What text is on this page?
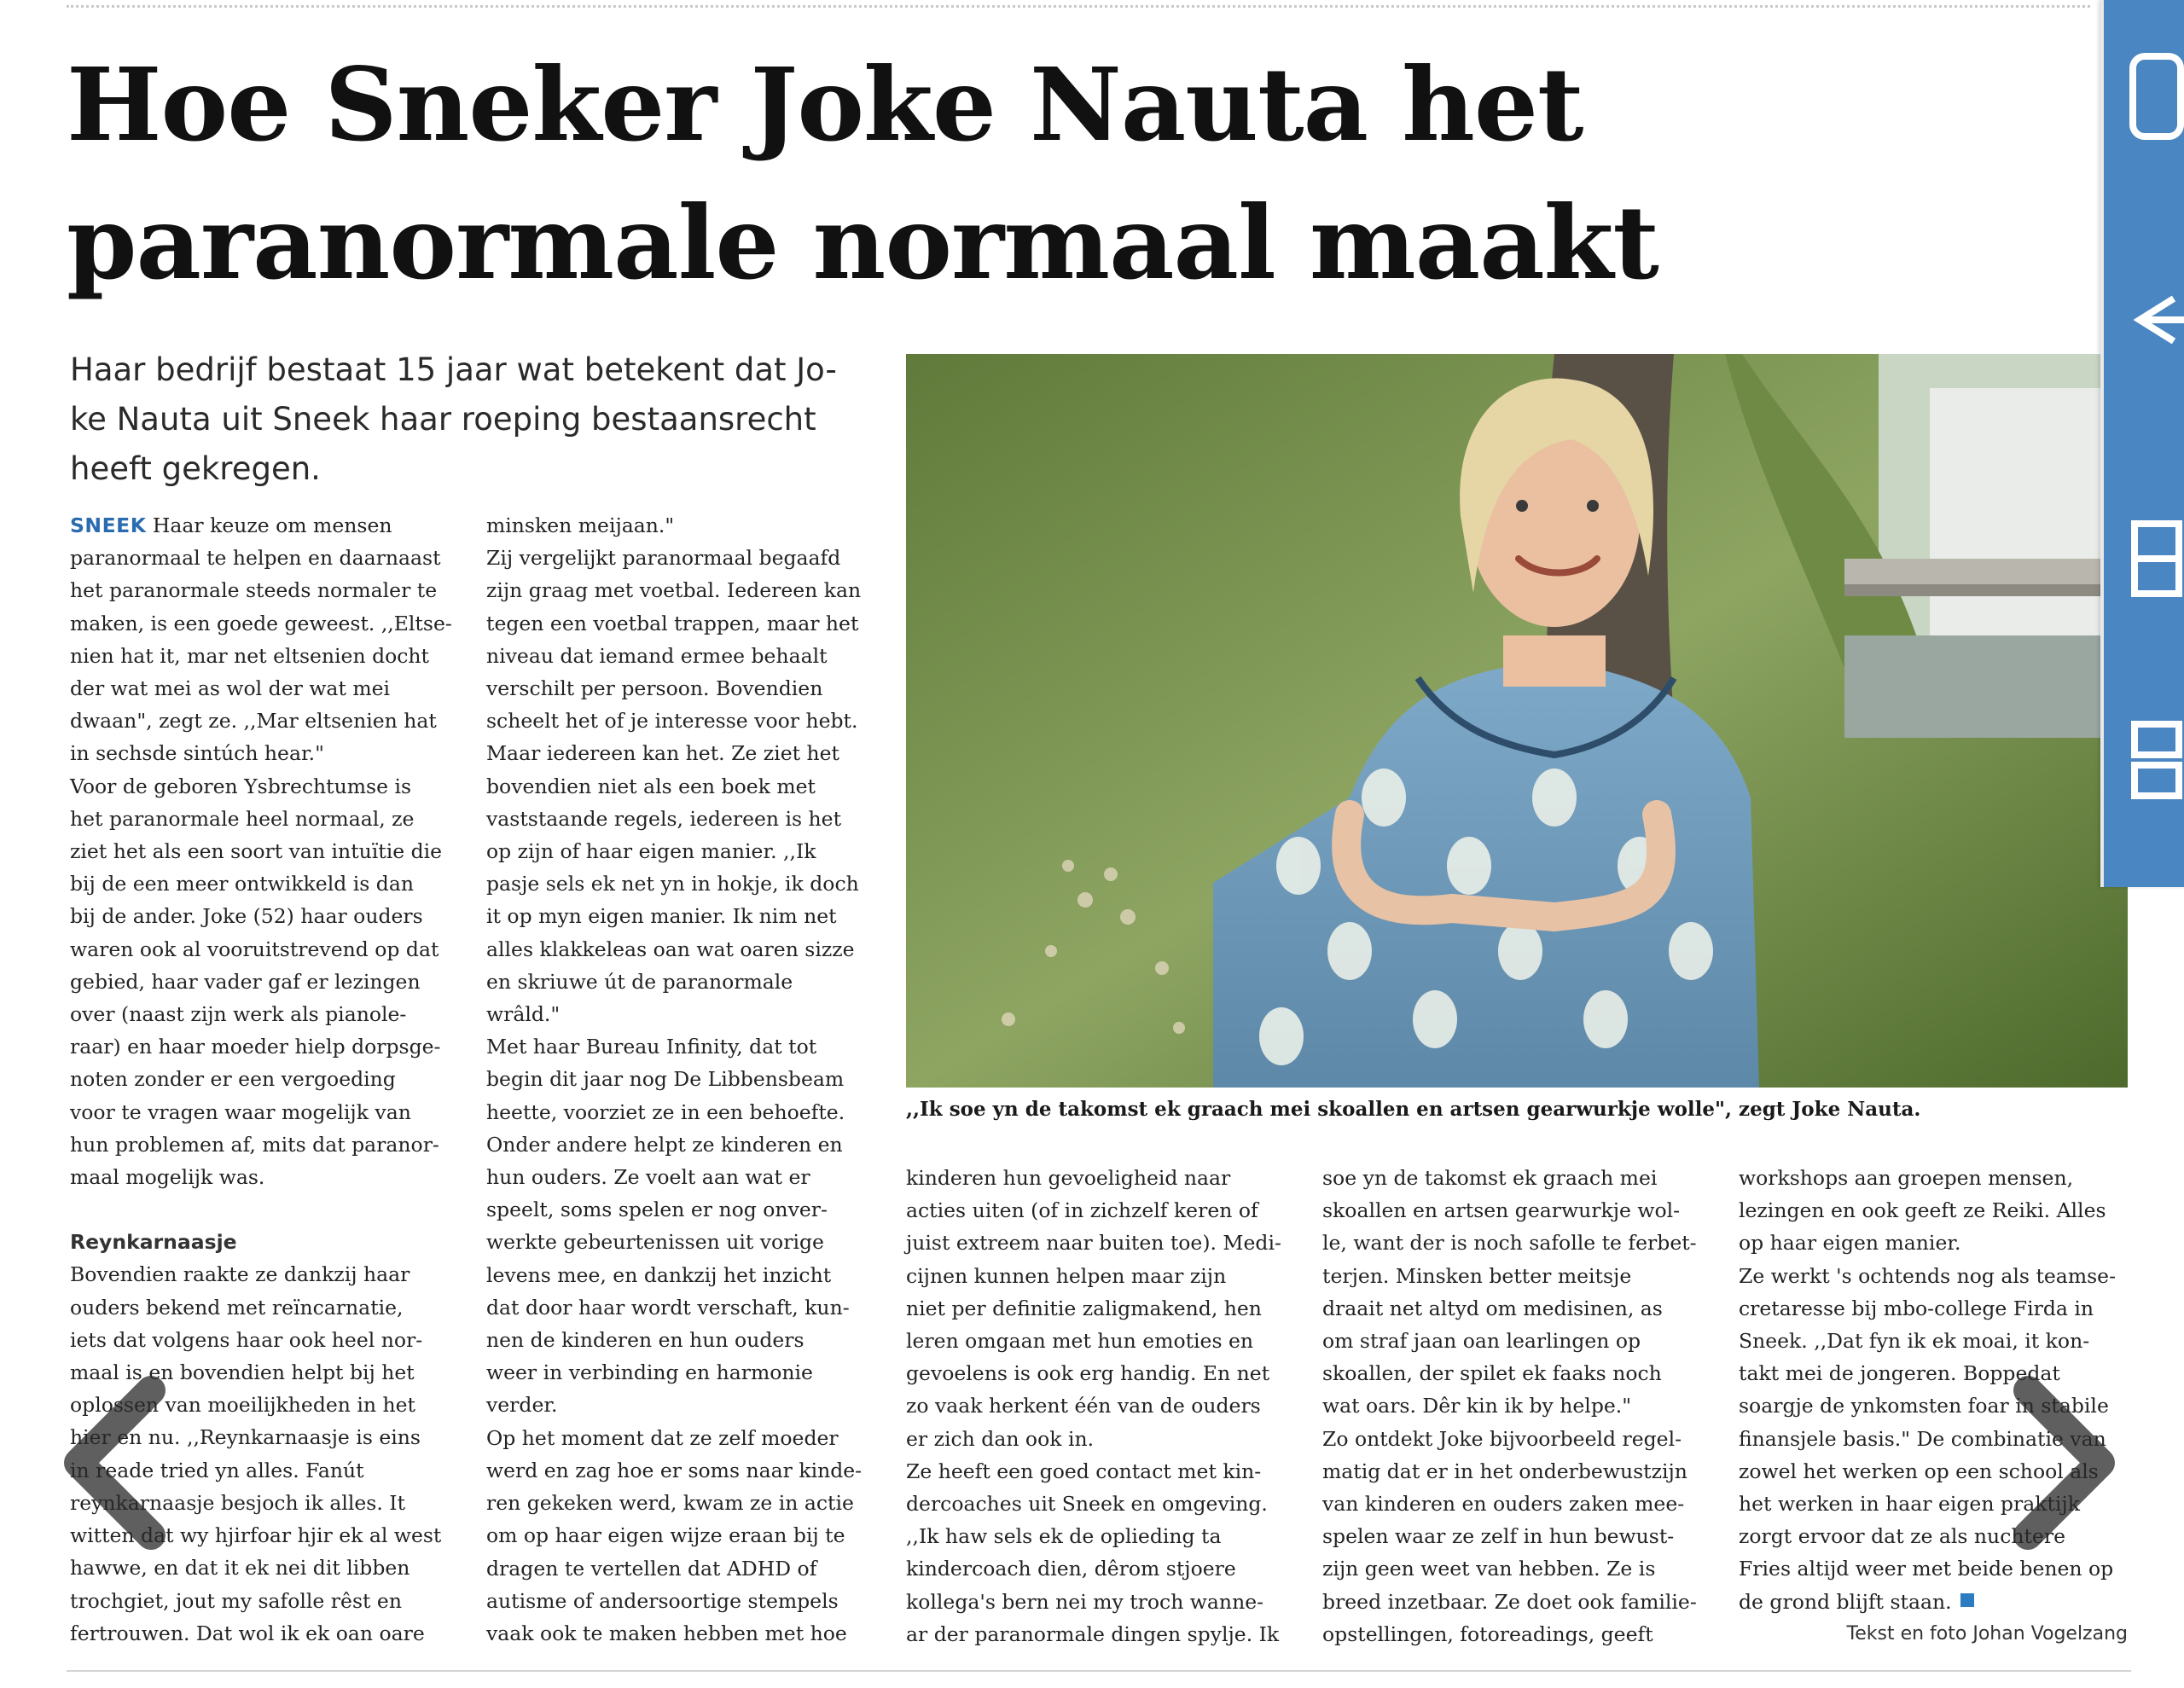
Hoe Sneker Joke Nauta het
paranormale normaal maakt

Haar bedrijf bestaat 15 jaar wat betekent dat Jo-
ke Nauta uit Sneek haar roeping bestaansrecht
heeft gekregen.

,,Ik soe yn de takomst ek graach mei skoallen en artsen gearwurkje wolle", zegt Joke Nauta.

SNEEK Haar keuze om mensen

paranormaal te helpen en daarnaast

het paranormale steeds normaler te

maken, is een goede geweest. ,,Eltse-

nien hat it, mar net eltsenien docht

der wat mei as wol der wat mei

dwaan", zegt ze. ,,Mar eltsenien hat

in sechsde sintúch hear."

Voor de geboren Ysbrechtumse is

het paranormale heel normaal, ze

ziet het als een soort van intuïtie die

bij de een meer ontwikkeld is dan

bij de ander. Joke (52) haar ouders

waren ook al vooruitstrevend op dat

gebied, haar vader gaf er lezingen

over (naast zijn werk als pianole-

raar) en haar moeder hielp dorpsge-

noten zonder er een vergoeding

voor te vragen waar mogelijk van

hun problemen af, mits dat paranor-

maal mogelijk was.

Reynkarnaasje

Bovendien raakte ze dankzij haar

ouders bekend met reïncarnatie,

iets dat volgens haar ook heel nor-

maal is en bovendien helpt bij het

oplossen van moeilijkheden in het

hier en nu. ,,Reynkarnaasje is eins

in reade tried yn alles. Fanút

reynkarnaasje besjoch ik alles. It

witten dat wy hjirfoar hjir ek al west

hawwe, en dat it ek nei dit libben

trochgiet, jout my safolle rêst en

fertrouwen. Dat wol ik ek oan oare

minsken meijaan."

Zij vergelijkt paranormaal begaafd

zijn graag met voetbal. Iedereen kan

tegen een voetbal trappen, maar het

niveau dat iemand ermee behaalt

verschilt per persoon. Bovendien

scheelt het of je interesse voor hebt.

Maar iedereen kan het. Ze ziet het

bovendien niet als een boek met

vaststaande regels, iedereen is het

op zijn of haar eigen manier. ,,Ik

pasje sels ek net yn in hokje, ik doch

it op myn eigen manier. Ik nim net

alles klakkeleas oan wat oaren sizze

en skriuwe út de paranormale

wrâld."

Met haar Bureau Infinity, dat tot

begin dit jaar nog De Libbensbeam

heette, voorziet ze in een behoefte.

Onder andere helpt ze kinderen en

hun ouders. Ze voelt aan wat er

speelt, soms spelen er nog onver-

werkte gebeurtenissen uit vorige

levens mee, en dankzij het inzicht

dat door haar wordt verschaft, kun-

nen de kinderen en hun ouders

weer in verbinding en harmonie

verder.

Op het moment dat ze zelf moeder

werd en zag hoe er soms naar kinde-

ren gekeken werd, kwam ze in actie

om op haar eigen wijze eraan bij te

dragen te vertellen dat ADHD of

autisme of andersoortige stempels

vaak ook te maken hebben met hoe

kinderen hun gevoeligheid naar

acties uiten (of in zichzelf keren of

juist extreem naar buiten toe). Medi-

cijnen kunnen helpen maar zijn

niet per definitie zaligmakend, hen

leren omgaan met hun emoties en

gevoelens is ook erg handig. En net

zo vaak herkent één van de ouders

er zich dan ook in.

Ze heeft een goed contact met kin-

dercoaches uit Sneek en omgeving.

,,Ik haw sels ek de oplieding ta

kindercoach dien, dêrom stjoere

kollega's bern nei my troch wanne-

ar der paranormale dingen spylje. Ik

soe yn de takomst ek graach mei

skoallen en artsen gearwurkje wol-

le, want der is noch safolle te ferbet-

terjen. Minsken better meitsje

draait net altyd om medisinen, as

om straf jaan oan learlingen op

skoallen, der spilet ek faaks noch

wat oars. Dêr kin ik by helpe."

Zo ontdekt Joke bijvoorbeeld regel-

matig dat er in het onderbewustzijn

van kinderen en ouders zaken mee-

spelen waar ze zelf in hun bewust-

zijn geen weet van hebben. Ze is

breed inzetbaar. Ze doet ook familie-

opstellingen, fotoreadings, geeft

workshops aan groepen mensen,

lezingen en ook geeft ze Reiki. Alles

op haar eigen manier.

Ze werkt 's ochtends nog als teamse-

cretaresse bij mbo-college Firda in

Sneek. ,,Dat fyn ik ek moai, it kon-

takt mei de jongeren. Boppedat

soargje de ynkomsten foar in stabile

finansjele basis." De combinatie van

zowel het werken op een school als

het werken in haar eigen praktijk

zorgt ervoor dat ze als nuchtere

Fries altijd weer met beide benen op

de grond blijft staan.

Tekst en foto Johan Vogelzang
